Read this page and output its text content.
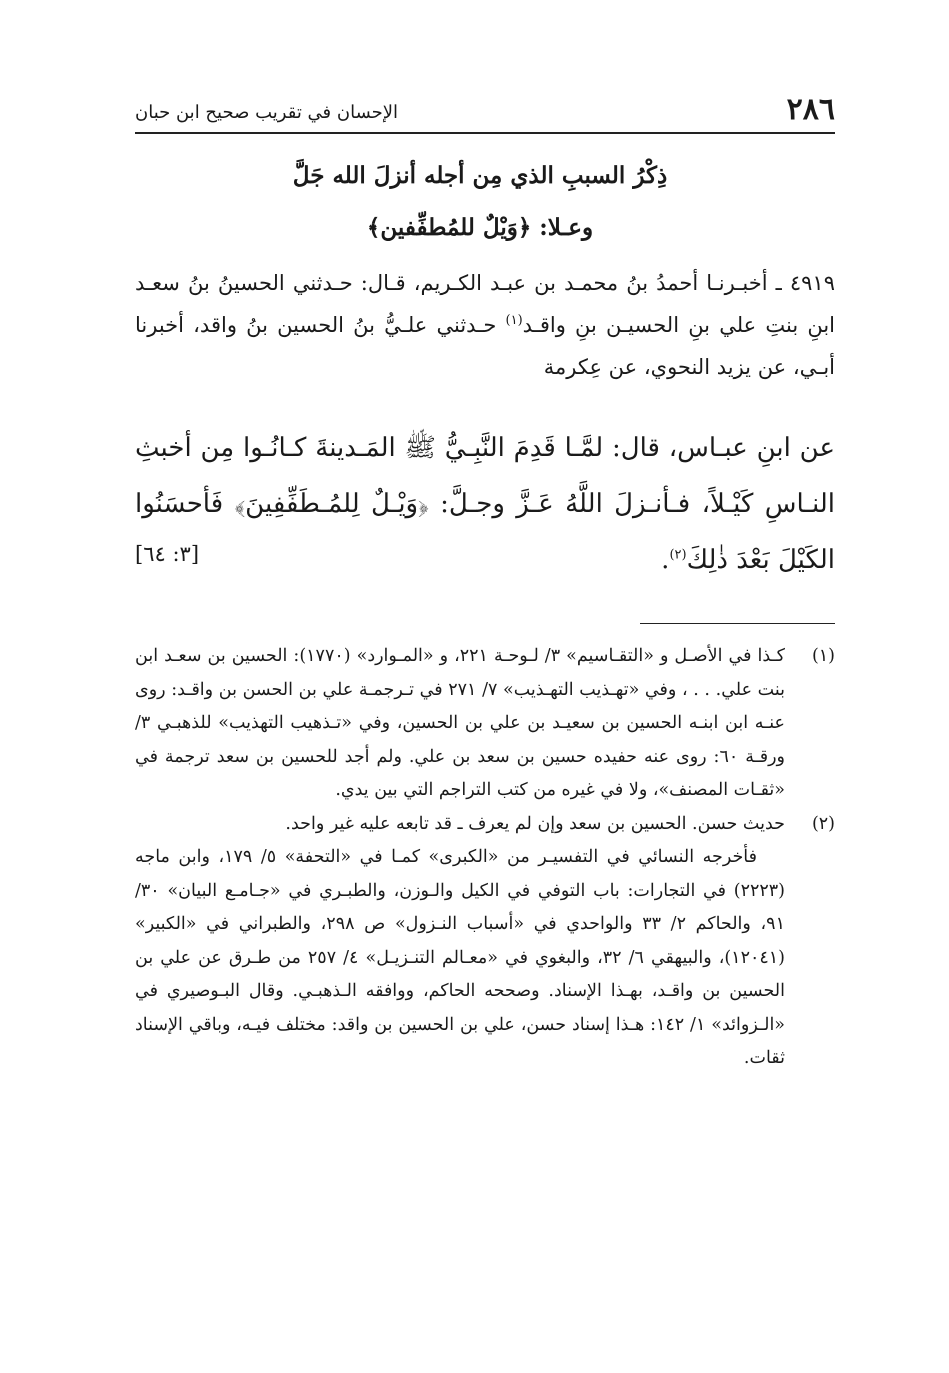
٢٨٦
الإحسان في تقريب صحيح ابن حبان
ذِكْرُ السببِ الذي مِن أجله أنزلَ الله جَلَّ
وعـلا: ﴿وَيْلٌ للمُطفِّفين﴾

٤٩١٩ ـ أخبـرنـا أحمدُ بنُ محمـد بن عبـد الكـريم، قـال: حـدثني الحسينُ بنُ سعـد ابنِ بنتِ علي بنِ الحسيـن بنِ واقـد$^{(١)}$ حـدثني علـيُّ بنُ الحسين بنُ واقد، أخبرنا أبـي، عن يزيد النحوي، عن عِكرمة

عن ابنِ عبـاس، قال: لمَّـا قَدِمَ النَّبِـيُّ ﷺ المَـدينةَ كـانُـوا مِن أخبثِ النـاسِ كَيْـلاً، فـأنـزلَ اللَّهُ عَـزَّ وجـلَّ: ﴿وَيْـلٌ لِلمُـطَفِّفِينَ﴾ فَأحسَنُوا الكَيْلَ بَعْدَ ذٰلِكَ$^{(٢)}$.

[٣: ٦٤]
(١)

كـذا في الأصـل و «التقـاسيم» ٣/ لـوحـة ٢٢١، و «المـوارد» (١٧٧٠): الحسين بن سعـد ابن بنت علي. . . ، وفي «تهـذيب التهـذيب» ٧/ ٢٧١ في تـرجمـة علي بن الحسن بن واقـد: روى عنـه ابن ابنـه الحسين بن سعيـد بن علي بن الحسين، وفي «تـذهيب التهذيب» للذهبـي ٣/ ورقـة ٦٠: روى عنه حفيده حسين بن سعد بن علي. ولم أجد للحسين بن سعد ترجمة في «ثقـات المصنف»، ولا في غيره من كتب التراجم التي بين يدي.

(٢)

حديث حسن. الحسين بن سعد وإن لم يعرف ـ قد تابعه عليه غير واحد.

فأخرجه النسائي في التفسيـر من «الكبرى» كمـا في «التحفة» ٥/ ١٧٩، وابن ماجه (٢٢٢٣) في التجارات: باب التوفي في الكيل والـوزن، والطبـري في «جـامـع البيان» ٣٠/ ٩١، والحاكم ٢/ ٣٣ والواحدي في «أسباب النـزول» ص ٢٩٨، والطبراني في «الكبير» (١٢٠٤١)، والبيهقي ٦/ ٣٢، والبغوي في «معـالم التنـزيـل» ٤/ ٢٥٧ من طـرق عن علي بن الحسين بن واقـد، بهـذا الإسناد. وصححه الحاكم، ووافقه الـذهبـي. وقال البـوصيري في «الـزوائد» ١/ ١٤٢: هـذا إسناد حسن، علي بن الحسين بن واقد: مختلف فيـه، وباقي الإسناد ثقات.
